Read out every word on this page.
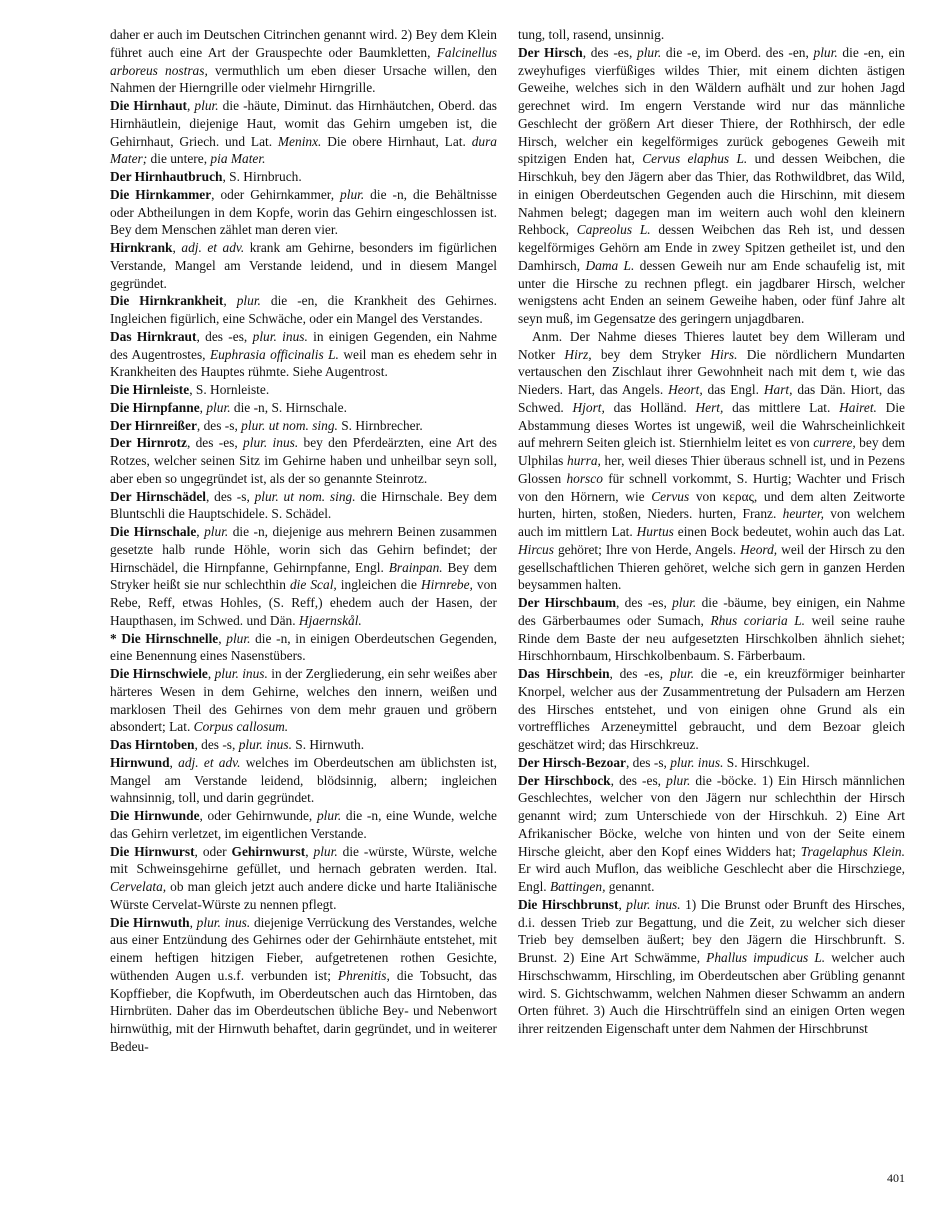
daher er auch im Deutschen Citrinchen genannt wird. 2) Bey dem Klein führet auch eine Art der Grauspechte oder Baumkletten, Falcinellus arboreus nostras, vermuthlich um eben dieser Ursache willen, den Nahmen der Hierngrille oder vielmehr Hirngrille.

Die Hirnhaut, plur. die -häute, Diminut. das Hirnhäutchen, Oberd. das Hirnhäutlein, diejenige Haut, womit das Gehirn umgeben ist, die Gehirnhaut, Griech. und Lat. Meninx. Die obere Hirnhaut, Lat. dura Mater; die untere, pia Mater.

Der Hirnhautbruch, S. Hirnbruch.

Die Hirnkammer, oder Gehirnkammer, plur. die -n, die Behältnisse oder Abtheilungen in dem Kopfe, worin das Gehirn eingeschlossen ist. Bey dem Menschen zählet man deren vier.

Hirnkrank, adj. et adv. krank am Gehirne, besonders im figürlichen Verstande, Mangel am Verstande leidend, und in diesem Mangel gegründet.

Die Hirnkrankheit, plur. die -en, die Krankheit des Gehirnes. Ingleichen figürlich, eine Schwäche, oder ein Mangel des Verstandes.

Das Hirnkraut, des -es, plur. inus. in einigen Gegenden, ein Nahme des Augentrostes, Euphrasia officinalis L. weil man es ehedem sehr in Krankheiten des Hauptes rühmte. Siehe Augentrost.

Die Hirnleiste, S. Hornleiste.

Die Hirnpfanne, plur. die -n, S. Hirnschale.

Der Hirnreißer, des -s, plur. ut nom. sing. S. Hirnbrecher.

Der Hirnrotz, des -es, plur. inus. bey den Pferdeärzten, eine Art des Rotzes, welcher seinen Sitz im Gehirne haben und unheilbar seyn soll, aber eben so ungegründet ist, als der so genannte Steinrotz.

Der Hirnschädel, des -s, plur. ut nom. sing. die Hirnschale. Bey dem Bluntschli die Hauptschidele. S. Schädel.

Die Hirnschale, plur. die -n, diejenige aus mehrern Beinen zusammen gesetzte halb runde Höhle, worin sich das Gehirn befindet; der Hirnschädel, die Hirnpfanne, Gehirnpfanne, Engl. Brainpan. Bey dem Stryker heißt sie nur schlechthin die Scal, ingleichen die Hirnrebe, von Rebe, Reff, etwas Hohles, (S. Reff,) ehedem auch der Hasen, der Haupthasen, im Schwed. und Dän. Hjaernskål.

* Die Hirnschnelle, plur. die -n, in einigen Oberdeutschen Gegenden, eine Benennung eines Nasenstübers.

Die Hirnschwiele, plur. inus. in der Zergliederung, ein sehr weißes aber härteres Wesen in dem Gehirne, welches den innern, weißen und marklosen Theil des Gehirnes von dem mehr grauen und gröbern absondert; Lat. Corpus callosum.

Das Hirntoben, des -s, plur. inus. S. Hirnwuth.

Hirnwund, adj. et adv. welches im Oberdeutschen am üblichsten ist, Mangel am Verstande leidend, blödsinnig, albern; ingleichen wahnsinnig, toll, und darin gegründet.

Die Hirnwunde, oder Gehirnwunde, plur. die -n, eine Wunde, welche das Gehirn verletzet, im eigentlichen Verstande.

Die Hirnwurst, oder Gehirnwurst, plur. die -würste, Würste, welche mit Schweinsgehirne gefüllet, und hernach gebraten werden. Ital. Cervelata, ob man gleich jetzt auch andere dicke und harte Italiänische Würste Cervelat-Würste zu nennen pflegt.

Die Hirnwuth, plur. inus. diejenige Verrückung des Verstandes, welche aus einer Entzündung des Gehirnes oder der Gehirnhäute entstehet, mit einem heftigen hitzigen Fieber, aufgetretenen rothen Gesichte, wüthenden Augen u.s.f. verbunden ist; Phrenitis, die Tobsucht, das Kopffieber, die Kopfwuth, im Oberdeutschen auch das Hirntoben, das Hirnbrüten. Daher das im Oberdeutschen übliche Bey- und Nebenwort hirnwüthig, mit der Hirnwuth behaftet, darin gegründet, und in weiterer Bedeu-

tung, toll, rasend, unsinnig.

Der Hirsch, des -es, plur. die -e, im Oberd. des -en, plur. die -en, ein zweyhufiges vierfüßiges wildes Thier, mit einem dichten ästigen Geweihe, welches sich in den Wäldern aufhält und zur hohen Jagd gerechnet wird. Im engern Verstande wird nur das männliche Geschlecht der größern Art dieser Thiere, der Rothhirsch, der edle Hirsch, welcher ein kegelförmiges zurück gebogenes Geweih mit spitzigen Enden hat, Cervus elaphus L. und dessen Weibchen, die Hirschkuh, bey den Jägern aber das Thier, das Rothwildbret, das Wild, in einigen Oberdeutschen Gegenden auch die Hirschinn, mit diesem Nahmen belegt; dagegen man im weitern auch wohl den kleinern Rehbock, Capreolus L. dessen Weibchen das Reh ist, und dessen kegelförmiges Gehörn am Ende in zwey Spitzen getheilet ist, und den Damhirsch, Dama L. dessen Geweih nur am Ende schaufelig ist, mit unter die Hirsche zu rechnen pflegt. ein jagdbarer Hirsch, welcher wenigstens acht Enden an seinem Geweihe haben, oder fünf Jahre alt seyn muß, im Gegensatze des geringern unjagdbaren.

Anm. Der Nahme dieses Thieres lautet bey dem Willeram und Notker Hirz, bey dem Stryker Hirs. Die nördlichern Mundarten vertauschen den Zischlaut ihrer Gewohnheit nach mit dem t, wie das Nieders. Hart, das Angels. Heort, das Engl. Hart, das Dän. Hiort, das Schwed. Hjort, das Holländ. Hert, das mittlere Lat. Hairet. Die Abstammung dieses Wortes ist ungewiß, weil die Wahrscheinlichkeit auf mehrern Seiten gleich ist. Stiernhielm leitet es von currere, bey dem Ulphilas hurra, her, weil dieses Thier überaus schnell ist, und in Pezens Glossen horsco für schnell vorkommt, S. Hurtig; Wachter und Frisch von den Hörnern, wie Cervus von κερας, und dem alten Zeitworte hurten, hirten, stoßen, Nieders. hurten, Franz. heurter, von welchem auch im mittlern Lat. Hurtus einen Bock bedeutet, wohin auch das Lat. Hircus gehöret; Ihre von Herde, Angels. Heord, weil der Hirsch zu den gesellschaftlichen Thieren gehöret, welche sich gern in ganzen Herden beysammen halten.

Der Hirschbaum, des -es, plur. die -bäume, bey einigen, ein Nahme des Gärberbaumes oder Sumach, Rhus coriaria L. weil seine rauhe Rinde dem Baste der neu aufgesetzten Hirschkolben ähnlich siehet; Hirschhornbaum, Hirschkolbenbaum. S. Färberbaum.

Das Hirschbein, des -es, plur. die -e, ein kreuzförmiger beinharter Knorpel, welcher aus der Zusammentretung der Pulsadern am Herzen des Hirsches entstehet, und von einigen ohne Grund als ein vortreffliches Arzeneymittel gebraucht, und dem Bezoar gleich geschätzet wird; das Hirschkreuz.

Der Hirsch-Bezoar, des -s, plur. inus. S. Hirschkugel.

Der Hirschbock, des -es, plur. die -böcke. 1) Ein Hirsch männlichen Geschlechtes, welcher von den Jägern nur schlechthin der Hirsch genannt wird; zum Unterschiede von der Hirschkuh. 2) Eine Art Afrikanischer Böcke, welche von hinten und von der Seite einem Hirsche gleicht, aber den Kopf eines Widders hat; Tragelaphus Klein. Er wird auch Muflon, das weibliche Geschlecht aber die Hirschziege, Engl. Battingen, genannt.

Die Hirschbrunst, plur. inus. 1) Die Brunst oder Brunft des Hirsches, d.i. dessen Trieb zur Begattung, und die Zeit, zu welcher sich dieser Trieb bey demselben äußert; bey den Jägern die Hirschbrunft. S. Brunst. 2) Eine Art Schwämme, Phallus impudicus L. welcher auch Hirschschwamm, Hirschling, im Oberdeutschen aber Grübling genannt wird. S. Gichtschwamm, welchen Nahmen dieser Schwamm an andern Orten führet. 3) Auch die Hirschtrüffeln sind an einigen Orten wegen ihrer reitzenden Eigenschaft unter dem Nahmen der Hirschbrunst

401
